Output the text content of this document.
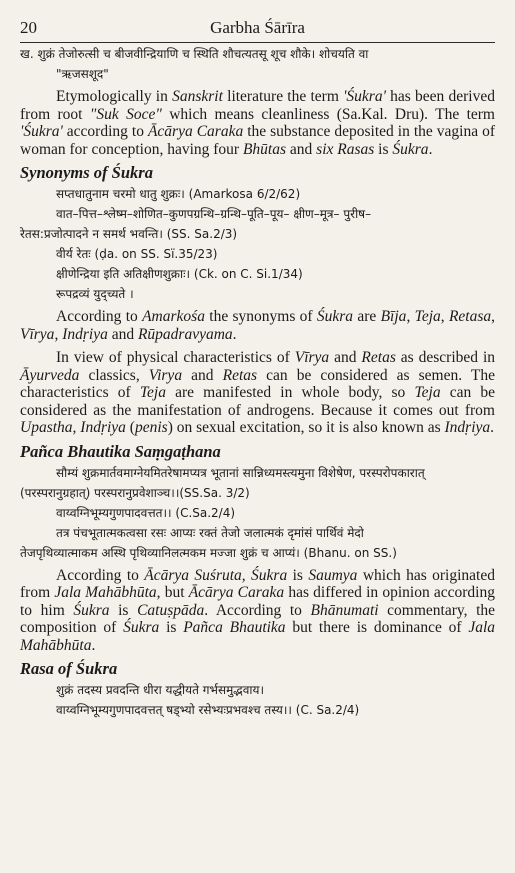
20	Garbha Śārīra

ख. शुक्रं तेजोरुत्सी च बीजवीन्द्रियाणि च स्थिति शौचत्यतसू शूच शौके। शोचयति वा

"ऋजसशूद"

Etymologically in Sanskrit literature the term 'Śukra' has been derived from root "Suk Soce" which means cleanliness (Sa.Kal. Dru). The term 'Śukra' according to Ācārya Caraka the substance deposited in the vagina of woman for conception, having four Bhūtas and six Rasas is Śukra.

Synonyms of Śukra

सप्तधातुनाम चरमो धातु शुक्रः। (Amarkosa 6/2/62)

वात–पित्त–श्लेष्म–शोणित–कुणपग्रन्थि–ग्रन्थि–पूति–पूय– क्षीण–मूत्र– पुरीष–

रेतस:प्रजोत्पादने न समर्थ भवन्ति। (SS. Sa.2/3)

वीर्य रेतः (ḍa. on SS. Sï.35/23)

क्षीणेन्द्रिया इति अतिक्षीणशुक्राः। (Ck. on C. Si.1/34)

रूपद्रव्यं युद्च्यते ।

According to Amarkośa the synonyms of Śukra are Bīja, Teja, Retasa, Vīrya, Indṛiya and Rūpadravyama.

In view of physical characteristics of Vīrya and Retas as described in Āyurveda classics, Virya and Retas can be considered as semen. The characteristics of Teja are manifested in whole body, so Teja can be considered as the manifestation of androgens. Because it comes out from Upastha, Indṛiya (penis) on sexual excitation, so it is also known as Indṛiya.

Pañca Bhautika Saṃgaṭhana

सौम्यं शुक्रमार्तवमाग्नेयमितरेषामप्यत्र भूतानां सान्निध्यमस्त्यमुना विशेषेण, परस्परोपकारात्

(परस्परानुग्रहात्) परस्परानुप्रवेशाञ्च।।(SS.Sa. 3/2)

वाय्वग्निभूम्यगुणपादवत्तत।। (C.Sa.2/4)

तत्र पंचभूतात्मकत्वसा रसः आप्यः रक्तं तेजो जलात्मकं दृमांसं पार्थिवं मेदो

तेजपृथिव्यात्माकम अस्थि पृथिव्यानिलत्मकम मज्जा शुक्रं च आप्यं। (Bhanu. on SS.)

According to Ācārya Suśruta, Śukra is Saumya which has originated from Jala Mahābhūta, but Ācārya Caraka has differed in opinion according to him Śukra is Catuṣpāda. According to Bhānumati commentary, the composition of Śukra is Pañca Bhautika but there is dominance of Jala Mahābhūta.

Rasa of Śukra

शुक्रं तदस्य प्रवदन्ति धीरा यद्धीयते गर्भसमुद्भवाय।

वाय्वग्निभूम्यगुणपादवत्तत् षड्भ्यो रसेभ्यःप्रभवश्च तस्य।। (C. Sa.2/4)
